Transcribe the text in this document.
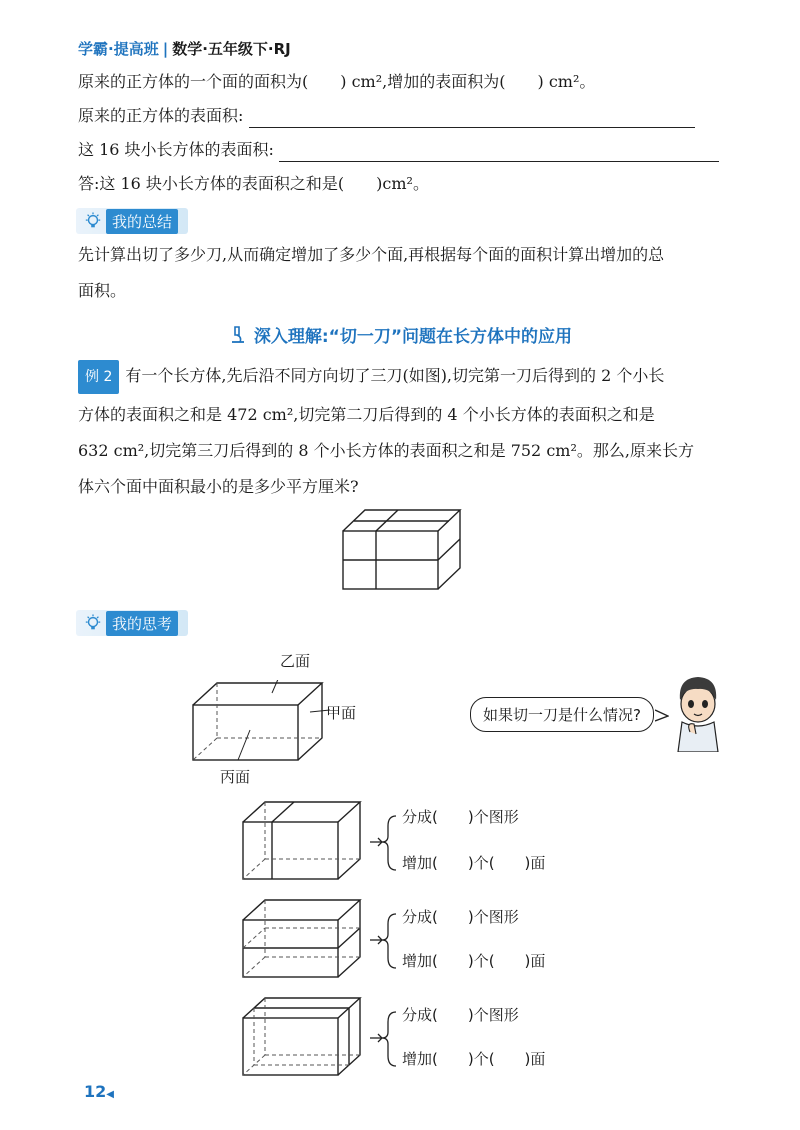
学霸·提高班 | 数学·五年级下·RJ
原来的正方体的一个面的面积为(　　) cm²,增加的表面积为(　　) cm²。
原来的正方体的表面积:
这 16 块小长方体的表面积:
答:这 16 块小长方体的表面积之和是(　　)cm²。
我的总结
先计算出切了多少刀,从而确定增加了多少个面,再根据每个面的面积计算出增加的总
面积。
深入理解:“切一刀”问题在长方体中的应用
例 2 有一个长方体,先后沿不同方向切了三刀(如图),切完第一刀后得到的 2 个小长
方体的表面积之和是 472 cm²,切完第二刀后得到的 4 个小长方体的表面积之和是
632 cm²,切完第三刀后得到的 8 个小长方体的表面积之和是 752 cm²。那么,原来长方
体六个面中面积最小的是多少平方厘米?
我的思考
乙面
甲面
丙面
如果切一刀是什么情况?
分成(　　)个图形
增加(　　)个(　　)面
分成(　　)个图形
增加(　　)个(　　)面
分成(　　)个图形
增加(　　)个(　　)面
12◀
